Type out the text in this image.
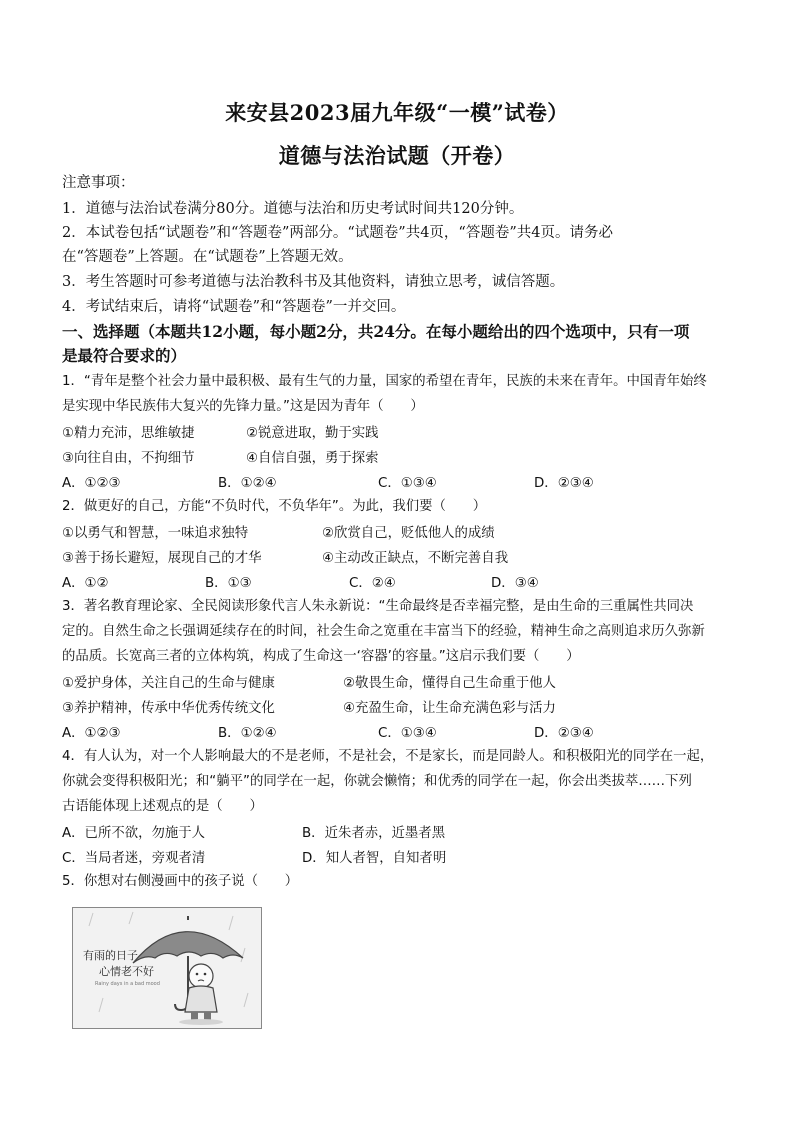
来安县2023届九年级“一模”试卷）
道德与法治试题（开卷）
注意事项：
1．道德与法治试卷满分80分。道德与法治和历史考试时间共120分钟。
2．本试卷包括“试题卷”和“答题卷”两部分。“试题卷”共4页，“答题卷”共4页。请务必
在“答题卷”上答题。在“试题卷”上答题无效。
3．考生答题时可参考道德与法治教科书及其他资料，请独立思考，诚信答题。
4．考试结束后，请将“试题卷”和“答题卷”一并交回。
一、选择题（本题共12小题，每小题2分，共24分。在每小题给出的四个选项中，只有一项
是最符合要求的）
1．“青年是整个社会力量中最积极、最有生气的力量，国家的希望在青年，民族的未来在青年。中国青年始终
是实现中华民族伟大复兴的先锋力量。”这是因为青年（　　）
①精力充沛，思维敏捷	②锐意进取，勤于实践
③向往自由，不拘细节	④自信自强，勇于探索
A．①②③	B．①②④	C．①③④	D．②③④
2．做更好的自己，方能“不负时代，不负华年”。为此，我们要（　　）
①以勇气和智慧，一味追求独特	②欣赏自己，贬低他人的成绩
③善于扬长避短，展现自己的才华	④主动改正缺点，不断完善自我
A．①②	B．①③	C．②④	D．③④
3．著名教育理论家、全民阅读形象代言人朱永新说：“生命最终是否幸福完整，是由生命的三重属性共同决
定的。自然生命之长强调延续存在的时间，社会生命之宽重在丰富当下的经验，精神生命之高则追求历久弥新
的品质。长宽高三者的立体构筑，构成了生命这一‘容器’的容量。”这启示我们要（　　）
①爱护身体，关注自己的生命与健康	②敬畏生命，懂得自己生命重于他人
③养护精神，传承中华优秀传统文化	④充盈生命，让生命充满色彩与活力
A．①②③	B．①②④	C．①③④	D．②③④
4．有人认为，对一个人影响最大的不是老师，不是社会，不是家长，而是同龄人。和积极阳光的同学在一起，
你就会变得积极阳光；和“躺平”的同学在一起，你就会懒惰；和优秀的同学在一起，你会出类拔萃……下列
古语能体现上述观点的是（　　）
A．已所不欲，勿施于人	B．近朱者赤，近墨者黑
C．当局者迷，旁观者清	D．知人者智，自知者明
5．你想对右侧漫画中的孩子说（　　）
有雨的日子
心情老不好
Rainy days in a bad mood
